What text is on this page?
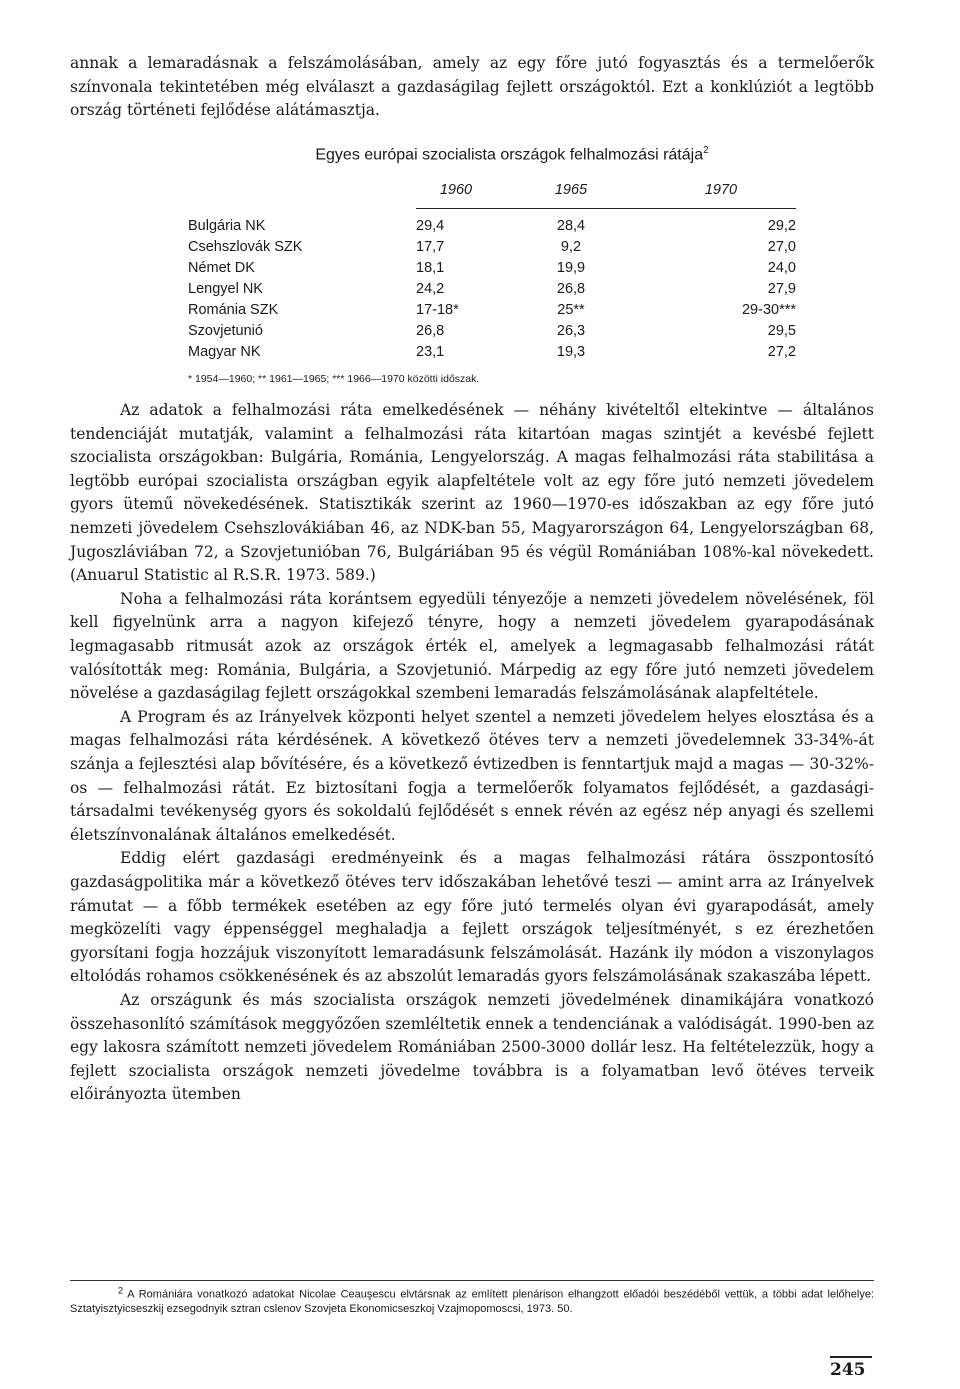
annak a lemaradásnak a felszámolásában, amely az egy főre jutó fogyasztás és a termelőerők színvonala tekintetében még elválaszt a gazdaságilag fejlett országoktól. Ezt a konklúziót a legtöbb ország történeti fejlődése alátámasztja.

Egyes európai szocialista országok felhalmozási rátája$^2$
	1960	1965	1970
Bulgária NK	29,4	28,4	29,2
Csehszlovák SZK	17,7	9,2	27,0
Német DK	18,1	19,9	24,0
Lengyel NK	24,2	26,8	27,9
Románia SZK	17-18*	25**	29-30***
Szovjetunió	26,8	26,3	29,5
Magyar NK	23,1	19,3	27,2
* 1954—1960; ** 1961—1965; *** 1966—1970 közötti időszak.

Az adatok a felhalmozási ráta emelkedésének — néhány kivételtől eltekintve — általános tendenciáját mutatják, valamint a felhalmozási ráta kitartóan magas szintjét a kevésbé fejlett szocialista országokban: Bulgária, Románia, Lengyelország. A magas felhalmozási ráta stabilitása a legtöbb európai szocialista országban egyik alapfeltétele volt az egy főre jutó nemzeti jövedelem gyors ütemű növekedésének. Statisztikák szerint az 1960—1970-es időszakban az egy főre jutó nemzeti jövedelem Csehszlovákiában 46, az NDK-ban 55, Magyarországon 64, Lengyelországban 68, Jugoszláviában 72, a Szovjetunióban 76, Bulgáriában 95 és végül Romániában 108%-kal növekedett. (Anuarul Statistic al R.S.R. 1973. 589.)

Noha a felhalmozási ráta korántsem egyedüli tényezője a nemzeti jövedelem növelésének, föl kell figyelnünk arra a nagyon kifejező tényre, hogy a nemzeti jövedelem gyarapodásának legmagasabb ritmusát azok az országok érték el, amelyek a legmagasabb felhalmozási rátát valósították meg: Románia, Bulgária, a Szovjetunió. Márpedig az egy főre jutó nemzeti jövedelem növelése a gazdaságilag fejlett országokkal szembeni lemaradás felszámolásának alapfeltétele.

A Program és az Irányelvek központi helyet szentel a nemzeti jövedelem helyes elosztása és a magas felhalmozási ráta kérdésének. A következő ötéves terv a nemzeti jövedelemnek 33-34%-át szánja a fejlesztési alap bővítésére, és a következő évtizedben is fenntartjuk majd a magas — 30-32%-os — felhalmozási rátát. Ez biztosítani fogja a termelőerők folyamatos fejlődését, a gazdasági-társadalmi tevékenység gyors és sokoldalú fejlődését s ennek révén az egész nép anyagi és szellemi életszínvonalának általános emelkedését.

Eddig elért gazdasági eredményeink és a magas felhalmozási rátára összpontosító gazdaságpolitika már a következő ötéves terv időszakában lehetővé teszi — amint arra az Irányelvek rámutat — a főbb termékek esetében az egy főre jutó termelés olyan évi gyarapodását, amely megközelíti vagy éppenséggel meghaladja a fejlett országok teljesítményét, s ez érezhetően gyorsítani fogja hozzájuk viszonyított lemaradásunk felszámolását. Hazánk ily módon a viszonylagos eltolódás rohamos csökkenésének és az abszolút lemaradás gyors felszámolásának szakaszába lépett.

Az országunk és más szocialista országok nemzeti jövedelmének dinamikájára vonatkozó összehasonlító számítások meggyőzően szemléltetik ennek a tendenciának a valódiságát. 1990-ben az egy lakosra számított nemzeti jövedelem Romániában 2500-3000 dollár lesz. Ha feltételezzük, hogy a fejlett szocialista országok nemzeti jövedelme továbbra is a folyamatban levő ötéves terveik előirányozta ütemben

$^2$ A Romániára vonatkozó adatokat Nicolae Ceauşescu elvtársnak az említett plenárison elhangzott előadói beszédéből vettük, a többi adat lelőhelye: Sztatyisztyicseszkij ezsegodnyik sztran cslenov Szovjeta Ekonomicseszkoj Vzajmopomoscsi, 1973. 50.
245
